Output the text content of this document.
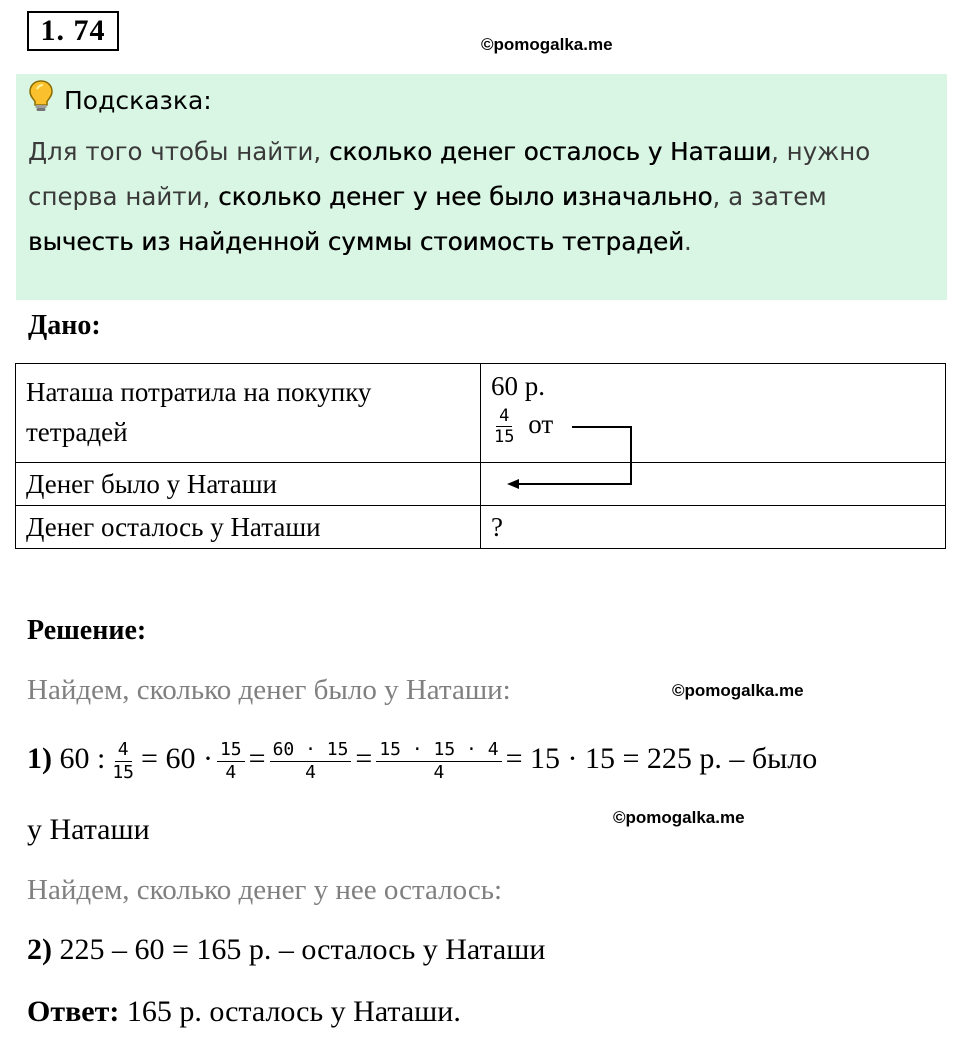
1. 74	©pomogalka.me
Подсказка:
Для того чтобы найти, сколько денег осталось у Наташи, нужно сперва найти, сколько денег у нее было изначально, а затем вычесть из найденной суммы стоимость тетрадей.
Дано:
Наташа потратила на покупку тетрадей	60 р.
$\frac{4}{15}$ от

Денег было у Наташи	
Денег осталось у Наташи	?
Решение:
Найдем, сколько денег было у Наташи:	©pomogalka.me
1) 60 : $\frac{4}{15} = 60 \cdot \frac{15}{4} = \frac{60 \cdot 15}{4} = \frac{15 \cdot 15 \cdot 4}{4} = 15 \cdot 15 = 225$ р. – было
©pomogalka.me
у Наташи
Найдем, сколько денег у нее осталось:
2) 225 – 60 = 165 р. – осталось у Наташи
Ответ: 165 р. осталось у Наташи.
